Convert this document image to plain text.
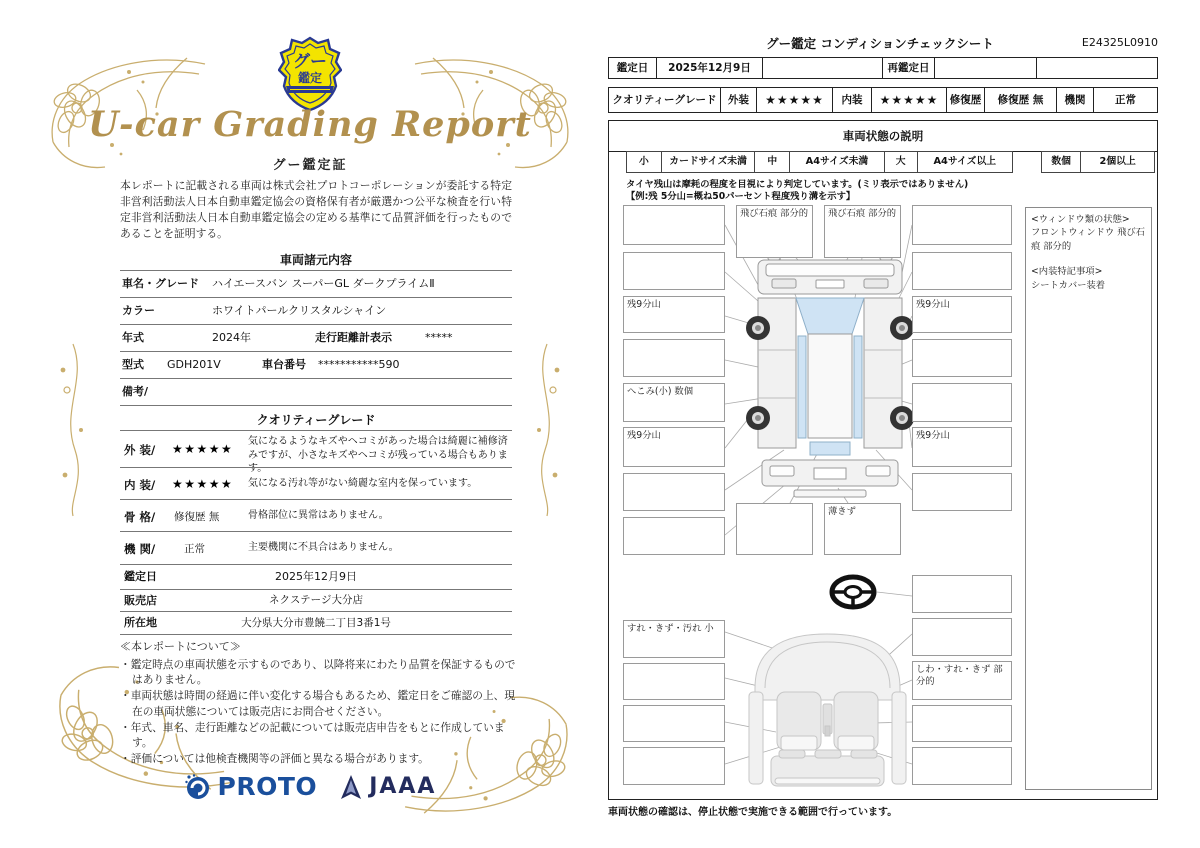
グー
鑑定
U-car Grading Report
グー鑑定証
本レポートに記載される車両は株式会社プロトコーポレーションが委託する特定非営利活動法人日本自動車鑑定協会の資格保有者が厳選かつ公平な検査を行い特定非営利活動法人日本自動車鑑定協会の定める基準にて品質評価を行ったものであることを証明する。
車両諸元内容
車名・グレード ハイエースバン スーパーGL ダークプライムⅡ
カラー	ホワイトパールクリスタルシャイン
年式	2024年	走行距離計表示	*****
型式 GDH201V	車台番号 ***********590
備考/
クオリティーグレード
外 装/ ★★★★★
気になるようなキズやヘコミがあった場合は綺麗に補修済みですが、小さなキズやヘコミが残っている場合もあります。
内 装/ ★★★★★ 気になる汚れ等がない綺麗な室内を保っています。
骨 格/ 修復歴 無	骨格部位に異常はありません。
機 関/	正常	主要機関に不具合はありません。
鑑定日	2025年12月9日
販売店	ネクステージ大分店
所在地	大分県大分市豊饒二丁目3番1号
≪本レポートについて≫
・鑑定時点の車両状態を示すものであり、以降将来にわたり品質を保証するものではありません。
・車両状態は時間の経過に伴い変化する場合もあるため、鑑定日をご確認の上、現在の車両状態については販売店にお問合せください。
・年式、車名、走行距離などの記載については販売店申告をもとに作成しています。
・評価については他検査機関等の評価と異なる場合があります。
PROTO JAAA
グー鑑定 コンディションチェックシート	E24325L0910
鑑定日	2025年12月9日	再鑑定日
クオリティーグレード	外装	★★★★★	内装	★★★★★	修復歴	修復歴 無	機関	正常
車両状態の説明
小	カードサイズ未満	中	A4サイズ未満	大	A4サイズ以上	数個	2個以上
タイヤ残山は摩耗の程度を目視により判定しています。(ミリ表示ではありません)
【例:残 5分山=概ね50パーセント程度残り溝を示す】
飛び石痕 部分的	飛び石痕 部分的
残9分山
へこみ(小) 数個
残9分山
残9分山
残9分山
薄きず
すれ・きず・汚れ 小
しわ・すれ・きず 部分的
<ウィンドウ類の状態>
フロントウィンドウ 飛び石痕 部分的
<内装特記事項>
シートカバー装着
車両状態の確認は、停止状態で実施できる範囲で行っています。
